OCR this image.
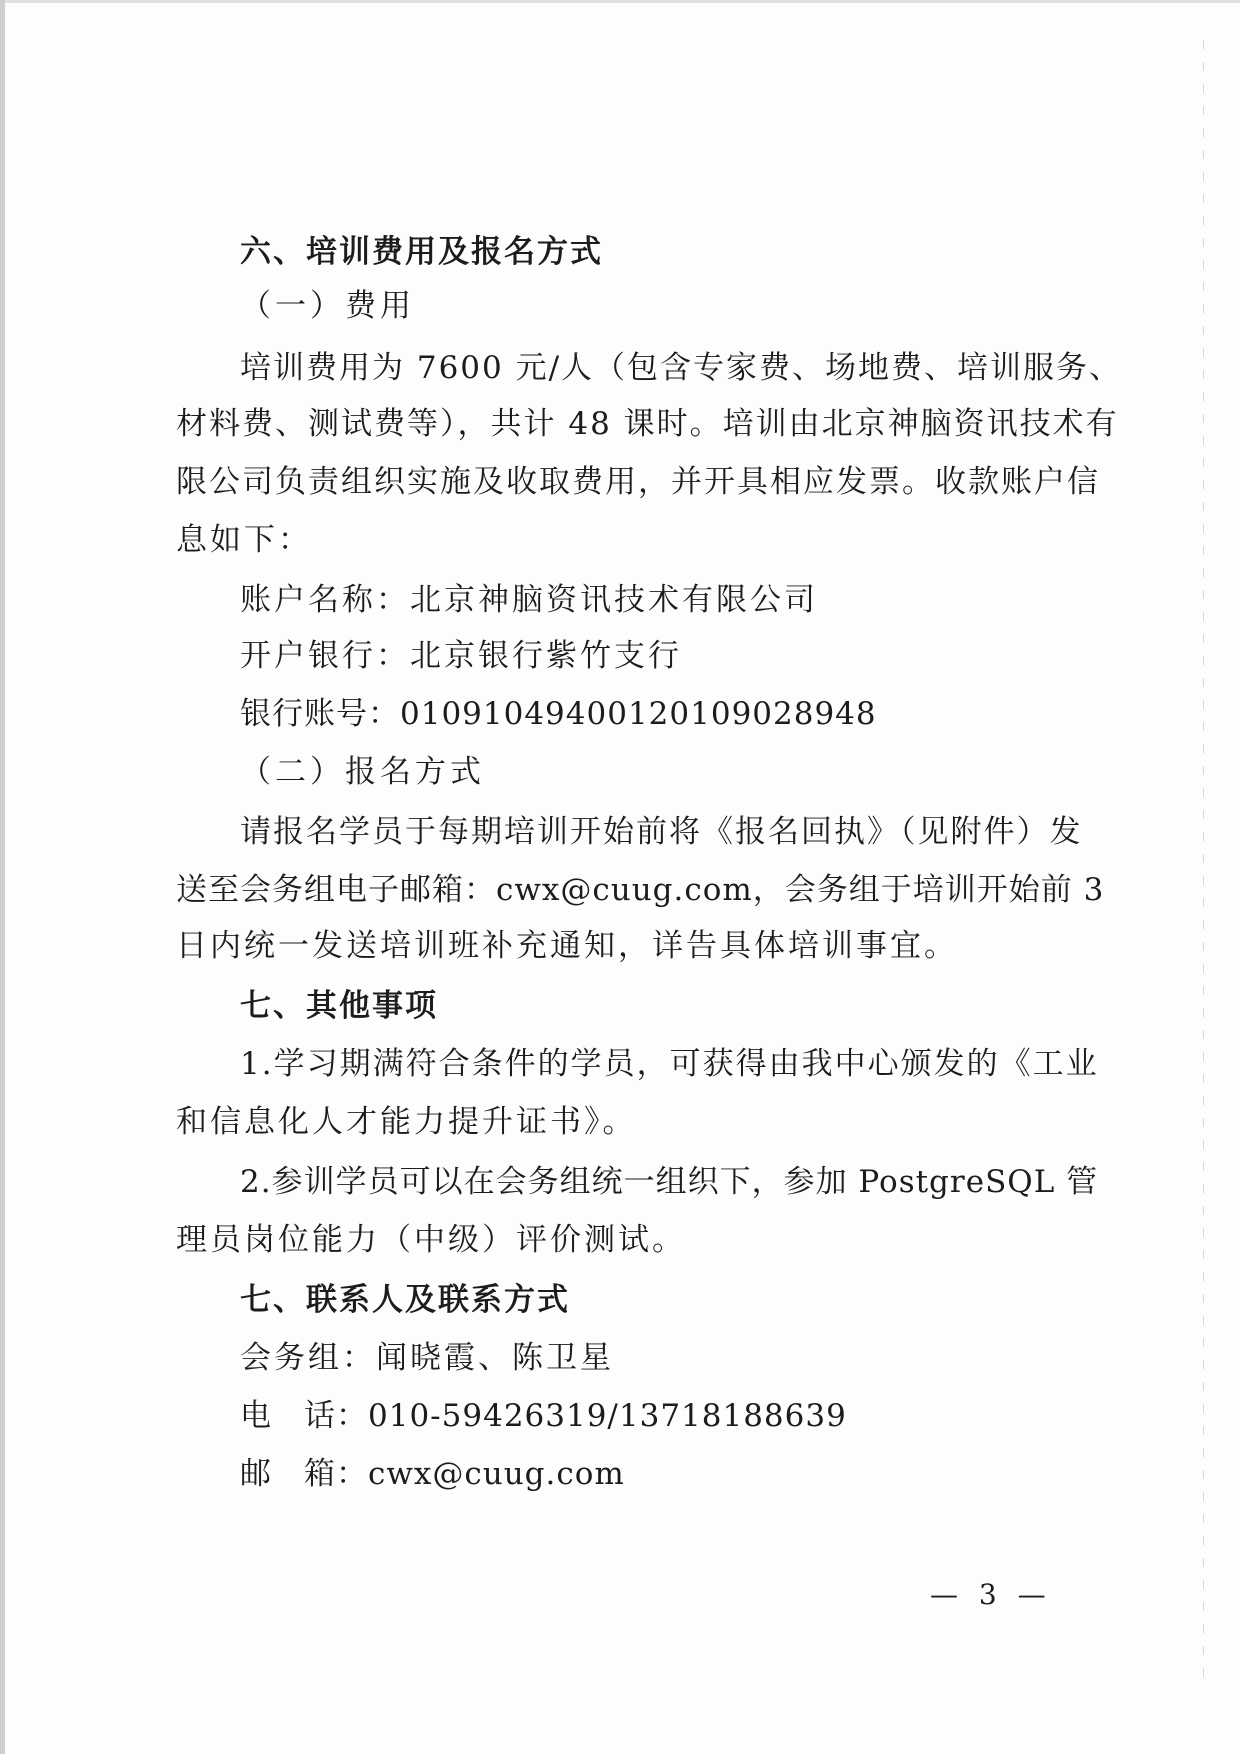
六、培训费用及报名方式
（一）费用
培训费用为 7600 元/人（包含专家费、场地费、培训服务、
材料费、测试费等），共计 48 课时。培训由北京神脑资讯技术有
限公司负责组织实施及收取费用，并开具相应发票。收款账户信
息如下：
账户名称：北京神脑资讯技术有限公司
开户银行：北京银行紫竹支行
银行账号：01091049400120109028948
（二）报名方式
请报名学员于每期培训开始前将《报名回执》（见附件）发
送至会务组电子邮箱：cwx@cuug.com，会务组于培训开始前 3
日内统一发送培训班补充通知，详告具体培训事宜。
七、其他事项
1.学习期满符合条件的学员，可获得由我中心颁发的《工业
和信息化人才能力提升证书》。
2.参训学员可以在会务组统一组织下，参加 PostgreSQL 管
理员岗位能力（中级）评价测试。
七、联系人及联系方式
会务组：闻晓霞、陈卫星
电　话：010-59426319/13718188639
邮　箱：cwx@cuug.com
— 3 —
